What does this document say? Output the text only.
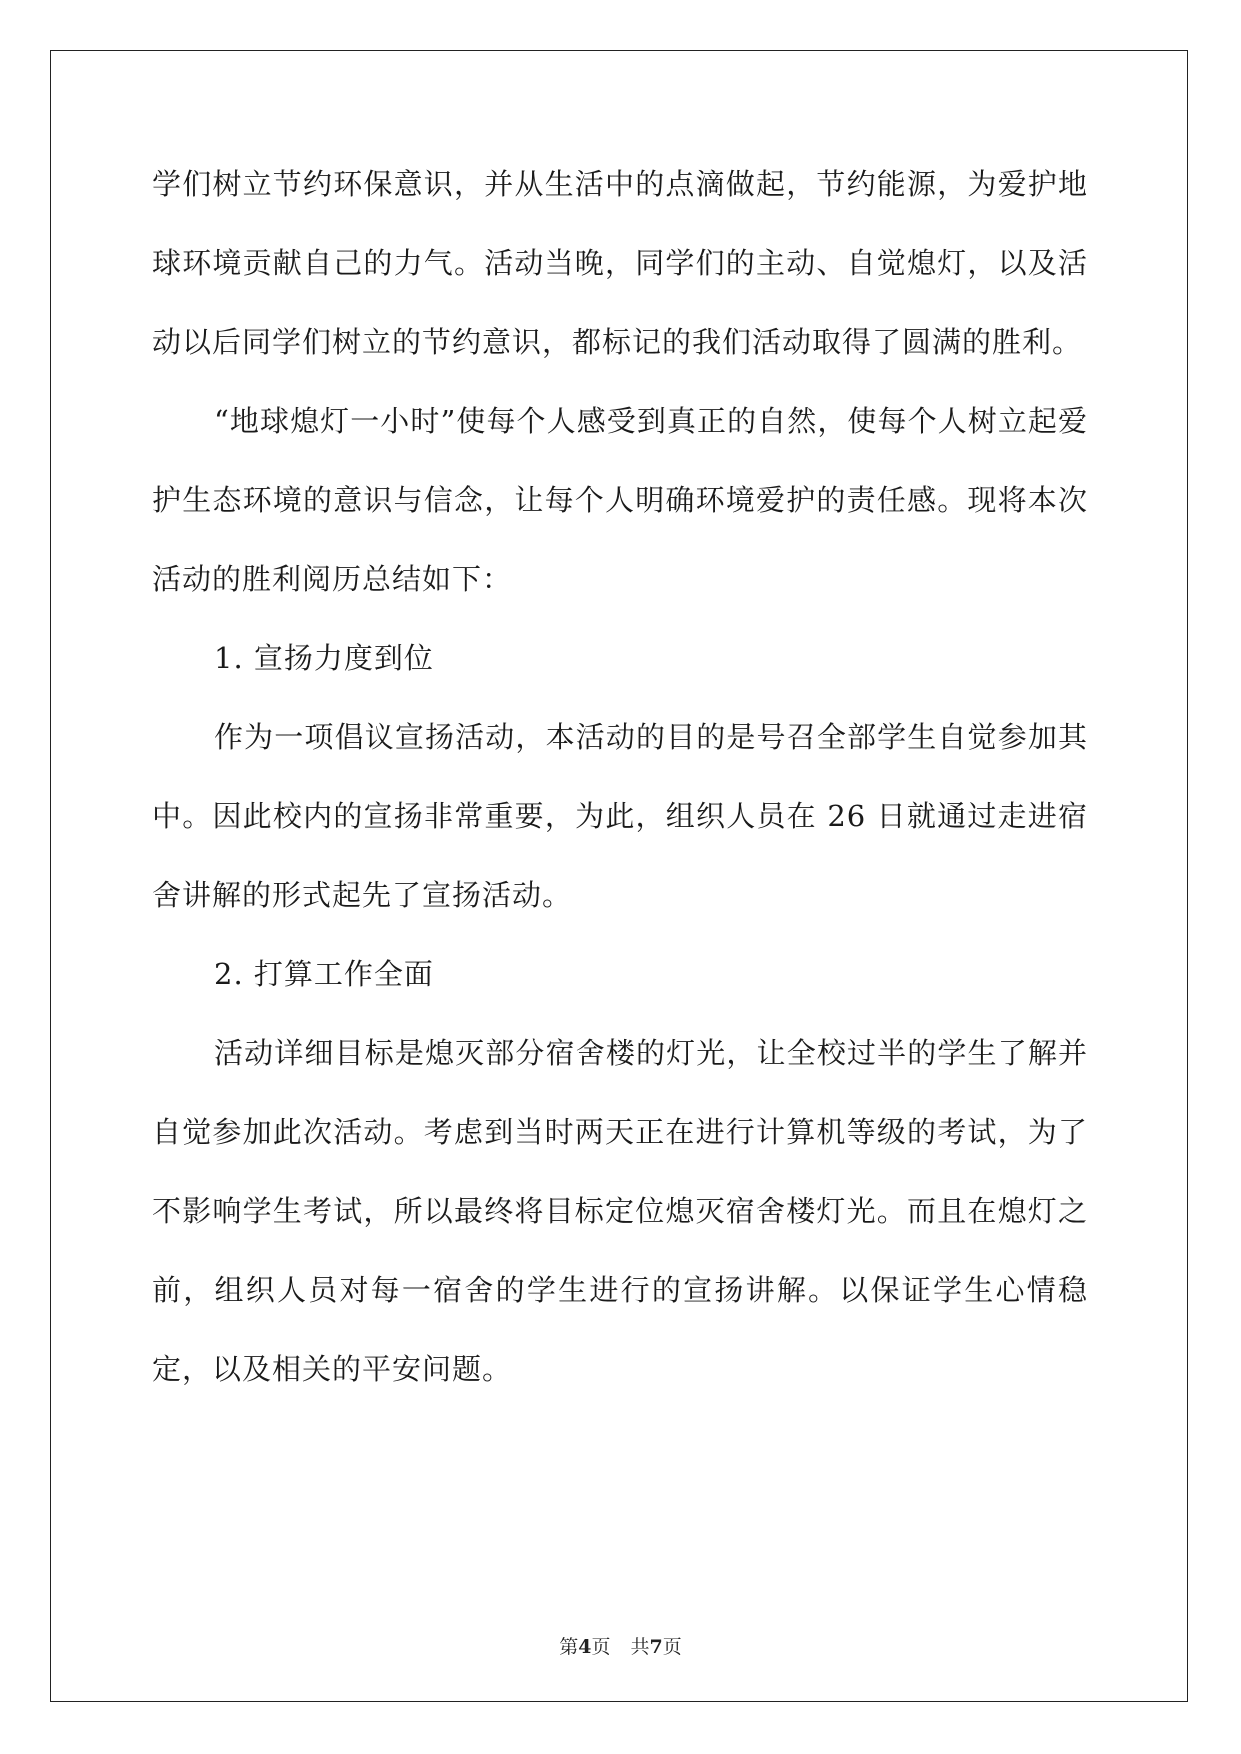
学们树立节约环保意识，并从生活中的点滴做起，节约能源，为爱护地球环境贡献自己的力气。活动当晚，同学们的主动、自觉熄灯，以及活动以后同学们树立的节约意识，都标记的我们活动取得了圆满的胜利。

“地球熄灯一小时”使每个人感受到真正的自然，使每个人树立起爱护生态环境的意识与信念，让每个人明确环境爱护的责任感。现将本次活动的胜利阅历总结如下：

1. 宣扬力度到位

作为一项倡议宣扬活动，本活动的目的是号召全部学生自觉参加其中。因此校内的宣扬非常重要，为此，组织人员在 26 日就通过走进宿舍讲解的形式起先了宣扬活动。

2. 打算工作全面

活动详细目标是熄灭部分宿舍楼的灯光，让全校过半的学生了解并自觉参加此次活动。考虑到当时两天正在进行计算机等级的考试，为了不影响学生考试，所以最终将目标定位熄灭宿舍楼灯光。而且在熄灯之前，组织人员对每一宿舍的学生进行的宣扬讲解。以保证学生心情稳定，以及相关的平安问题。

第4页 共7页
